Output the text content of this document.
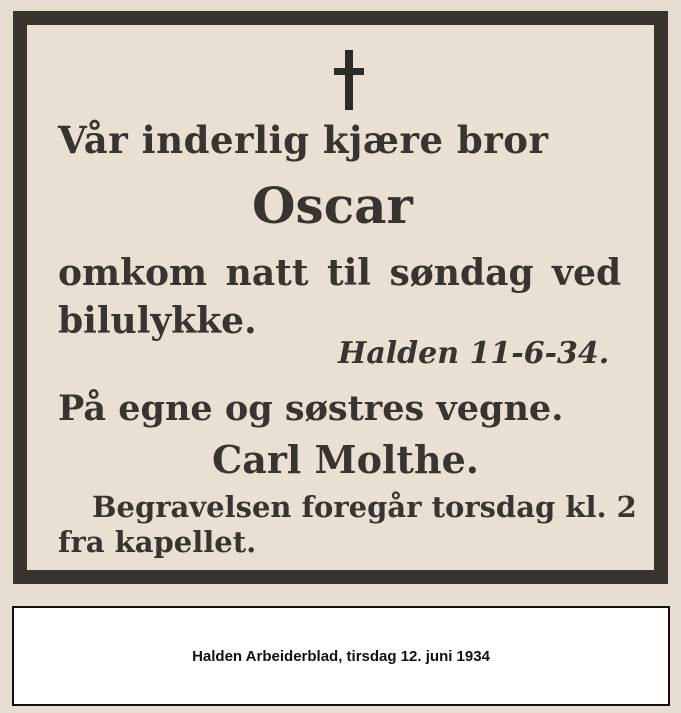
Vår inderlig kjære bror
Oscar
omkom natt til søndag ved
bilulykke.
Halden 11-6-34.
På egne og søstres vegne.
Carl Molthe.
Begravelsen foregår torsdag kl. 2
fra kapellet.
Halden Arbeiderblad, tirsdag 12. juni 1934
